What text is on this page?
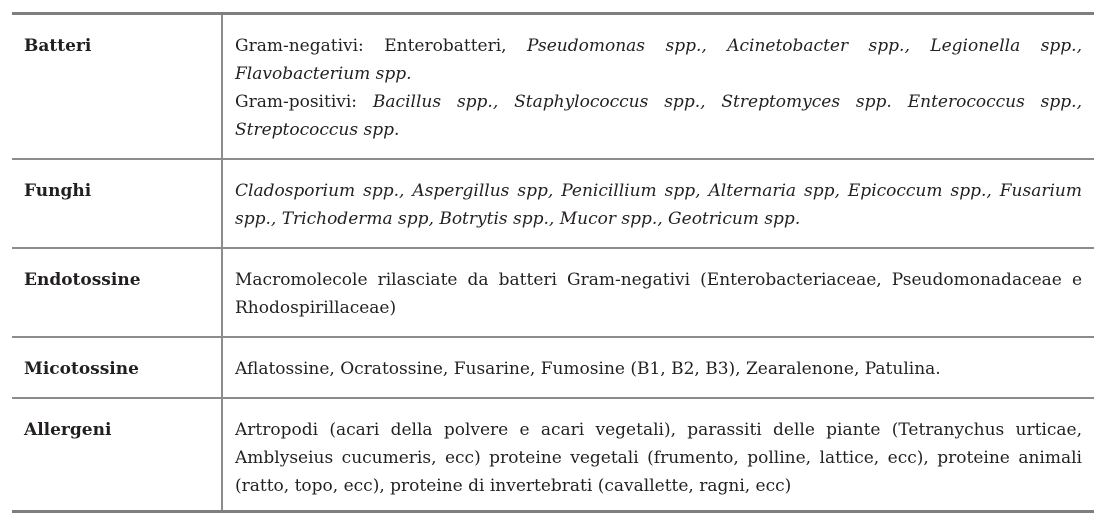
Batteri	Gram-negativi: Enterobatteri, Pseudomonas spp., Acinetobacter spp., Legionella spp., Flavobacterium spp.
Gram-positivi: Bacillus spp., Staphylococcus spp., Streptomyces spp. Enterococcus spp., Streptococcus spp.

Funghi	Cladosporium spp., Aspergillus spp, Penicillium spp, Alternaria spp, Epicoccum spp., Fusarium spp., Trichoderma spp, Botrytis spp., Mucor spp., Geotricum spp.
Endotossine	Macromolecole rilasciate da batteri Gram-negativi (Enterobacteriaceae, Pseudomonadaceae e Rhodospirillaceae)
Micotossine	Aflatossine, Ocratossine, Fusarine, Fumosine (B1, B2, B3), Zearalenone, Patulina.
Allergeni	Artropodi (acari della polvere e acari vegetali), parassiti delle piante (Tetranychus urticae, Amblyseius cucumeris, ecc) proteine vegetali (frumento, polline, lattice, ecc), proteine animali (ratto, topo, ecc), proteine di invertebrati (cavallette, ragni, ecc)
